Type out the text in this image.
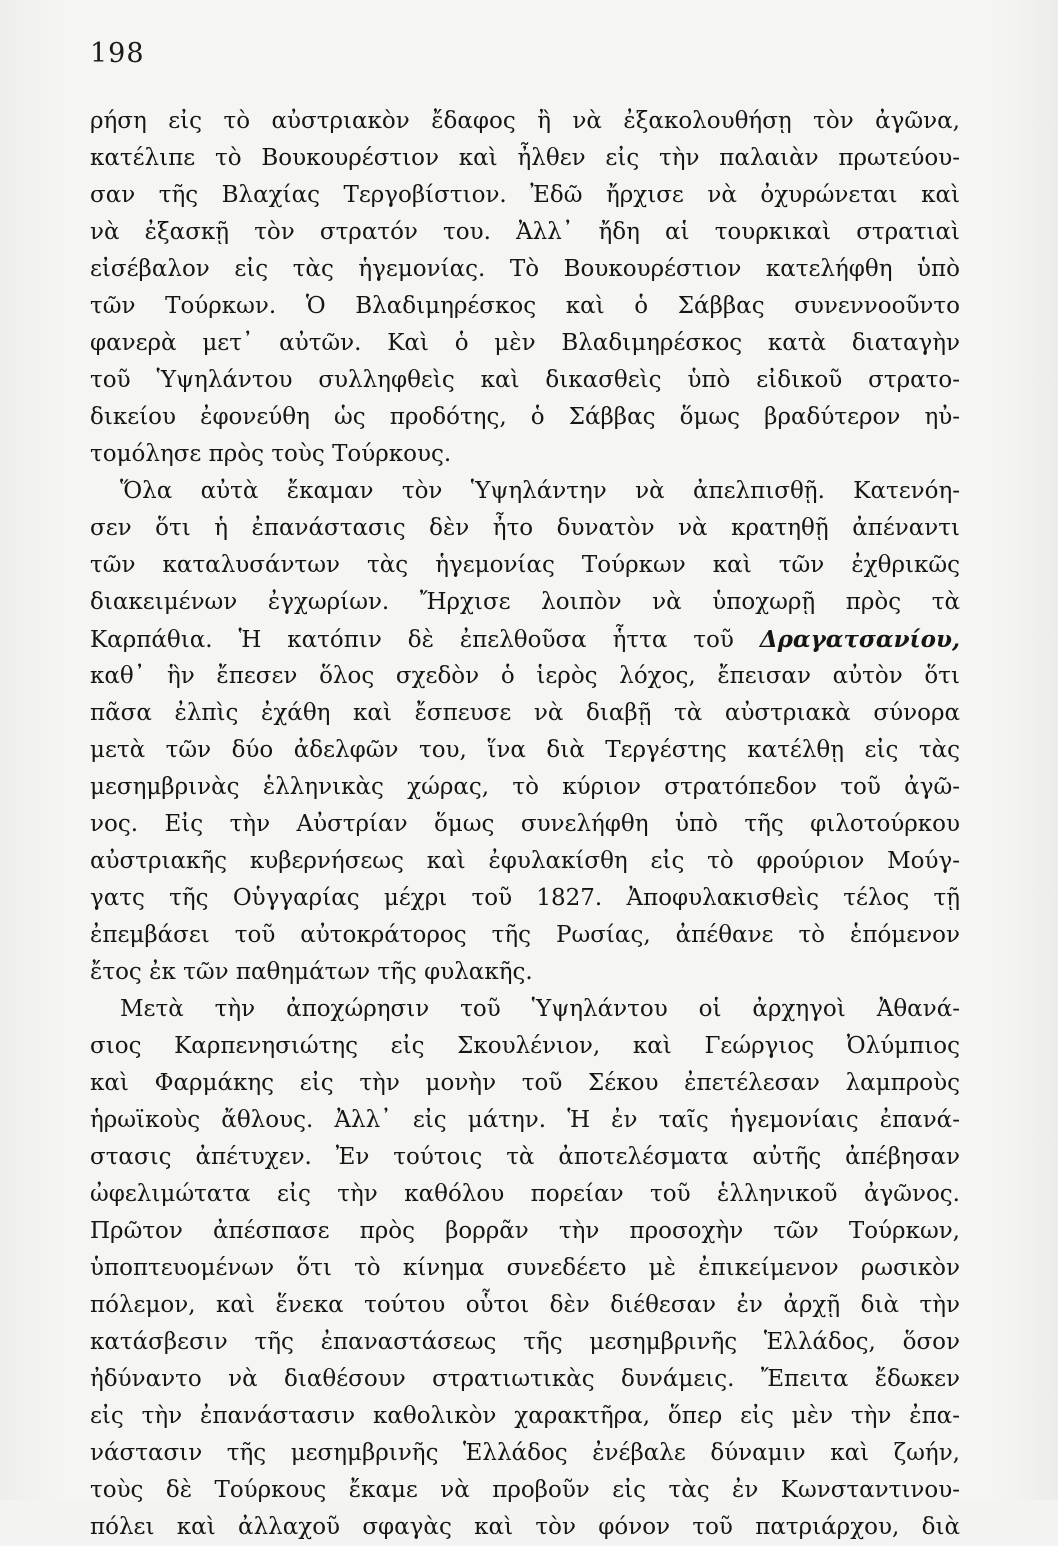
198
ρήση εἰς τὸ αὐστριακὸν ἔδαφος ἢ νὰ ἐξακολουθήσῃ τὸν ἀγῶνα,
κατέλιπε τὸ Βουκουρέστιον καὶ ἦλθεν εἰς τὴν παλαιὰν πρωτεύου-
σαν τῆς Βλαχίας Τεργοβίστιον. Ἐδῶ ἤρχισε νὰ ὀχυρώνεται καὶ
νὰ ἐξασκῇ τὸν στρατόν του. Ἀλλ᾽ ἤδη αἱ τουρκικαὶ στρατιαὶ
εἰσέβαλον εἰς τὰς ἡγεμονίας. Τὸ Βουκουρέστιον κατελήφθη ὑπὸ
τῶν Τούρκων. Ὁ Βλαδιμηρέσκος καὶ ὁ Σάββας συνεννοοῦντο
φανερὰ μετ᾽ αὐτῶν. Καὶ ὁ μὲν Βλαδιμηρέσκος κατὰ διαταγὴν
τοῦ Ὑψηλάντου συλληφθεὶς καὶ δικασθεὶς ὑπὸ εἰδικοῦ στρατο-
δικείου ἐφονεύθη ὡς προδότης, ὁ Σάββας ὅμως βραδύτερον ηὐ-
τομόλησε πρὸς τοὺς Τούρκους.
Ὅλα αὐτὰ ἔκαμαν τὸν Ὑψηλάντην νὰ ἀπελπισθῇ. Κατενόη-
σεν ὅτι ἡ ἐπανάστασις δὲν ἦτο δυνατὸν νὰ κρατηθῇ ἀπέναντι
τῶν καταλυσάντων τὰς ἡγεμονίας Τούρκων καὶ τῶν ἐχθρικῶς
διακειμένων ἐγχωρίων. Ἤρχισε λοιπὸν νὰ ὑποχωρῇ πρὸς τὰ
Καρπάθια. Ἡ κατόπιν δὲ ἐπελθοῦσα ἧττα τοῦ Δραγατσανίου,
καθ᾽ ἣν ἔπεσεν ὅλος σχεδὸν ὁ ἱερὸς λόχος, ἔπεισαν αὐτὸν ὅτι
πᾶσα ἐλπὶς ἐχάθη καὶ ἔσπευσε νὰ διαβῇ τὰ αὐστριακὰ σύνορα
μετὰ τῶν δύο ἀδελφῶν του, ἵνα διὰ Τεργέστης κατέλθῃ εἰς τὰς
μεσημβρινὰς ἑλληνικὰς χώρας, τὸ κύριον στρατόπεδον τοῦ ἀγῶ-
νος. Εἰς τὴν Αὐστρίαν ὅμως συνελήφθη ὑπὸ τῆς φιλοτούρκου
αὐστριακῆς κυβερνήσεως καὶ ἐφυλακίσθη εἰς τὸ φρούριον Μούγ-
γατς τῆς Οὑγγαρίας μέχρι τοῦ 1827. Ἀποφυλακισθεὶς τέλος τῇ
ἐπεμβάσει τοῦ αὐτοκράτορος τῆς Ρωσίας, ἀπέθανε τὸ ἑπόμενον
ἔτος ἐκ τῶν παθημάτων τῆς φυλακῆς.
Μετὰ τὴν ἀποχώρησιν τοῦ Ὑψηλάντου οἱ ἀρχηγοὶ Ἀθανά-
σιος Καρπενησιώτης εἰς Σκουλένιον, καὶ Γεώργιος Ὀλύμπιος
καὶ Φαρμάκης εἰς τὴν μονὴν τοῦ Σέκου ἐπετέλεσαν λαμπροὺς
ἡρωϊκοὺς ἄθλους. Ἀλλ᾽ εἰς μάτην. Ἡ ἐν ταῖς ἡγεμονίαις ἐπανά-
στασις ἀπέτυχεν. Ἐν τούτοις τὰ ἀποτελέσματα αὐτῆς ἀπέβησαν
ὠφελιμώτατα εἰς τὴν καθόλου πορείαν τοῦ ἑλληνικοῦ ἀγῶνος.
Πρῶτον ἀπέσπασε πρὸς βορρᾶν τὴν προσοχὴν τῶν Τούρκων,
ὑποπτευομένων ὅτι τὸ κίνημα συνεδέετο μὲ ἐπικείμενον ρωσικὸν
πόλεμον, καὶ ἕνεκα τούτου οὗτοι δὲν διέθεσαν ἐν ἀρχῇ διὰ τὴν
κατάσβεσιν τῆς ἐπαναστάσεως τῆς μεσημβρινῆς Ἑλλάδος, ὅσον
ἠδύναντο νὰ διαθέσουν στρατιωτικὰς δυνάμεις. Ἔπειτα ἔδωκεν
εἰς τὴν ἐπανάστασιν καθολικὸν χαρακτῆρα, ὅπερ εἰς μὲν τὴν ἐπα-
νάστασιν τῆς μεσημβρινῆς Ἑλλάδος ἐνέβαλε δύναμιν καὶ ζωήν,
τοὺς δὲ Τούρκους ἔκαμε νὰ προβοῦν εἰς τὰς ἐν Κωνσταντινου-
πόλει καὶ ἀλλαχοῦ σφαγὰς καὶ τὸν φόνον τοῦ πατριάρχου, διὰ
